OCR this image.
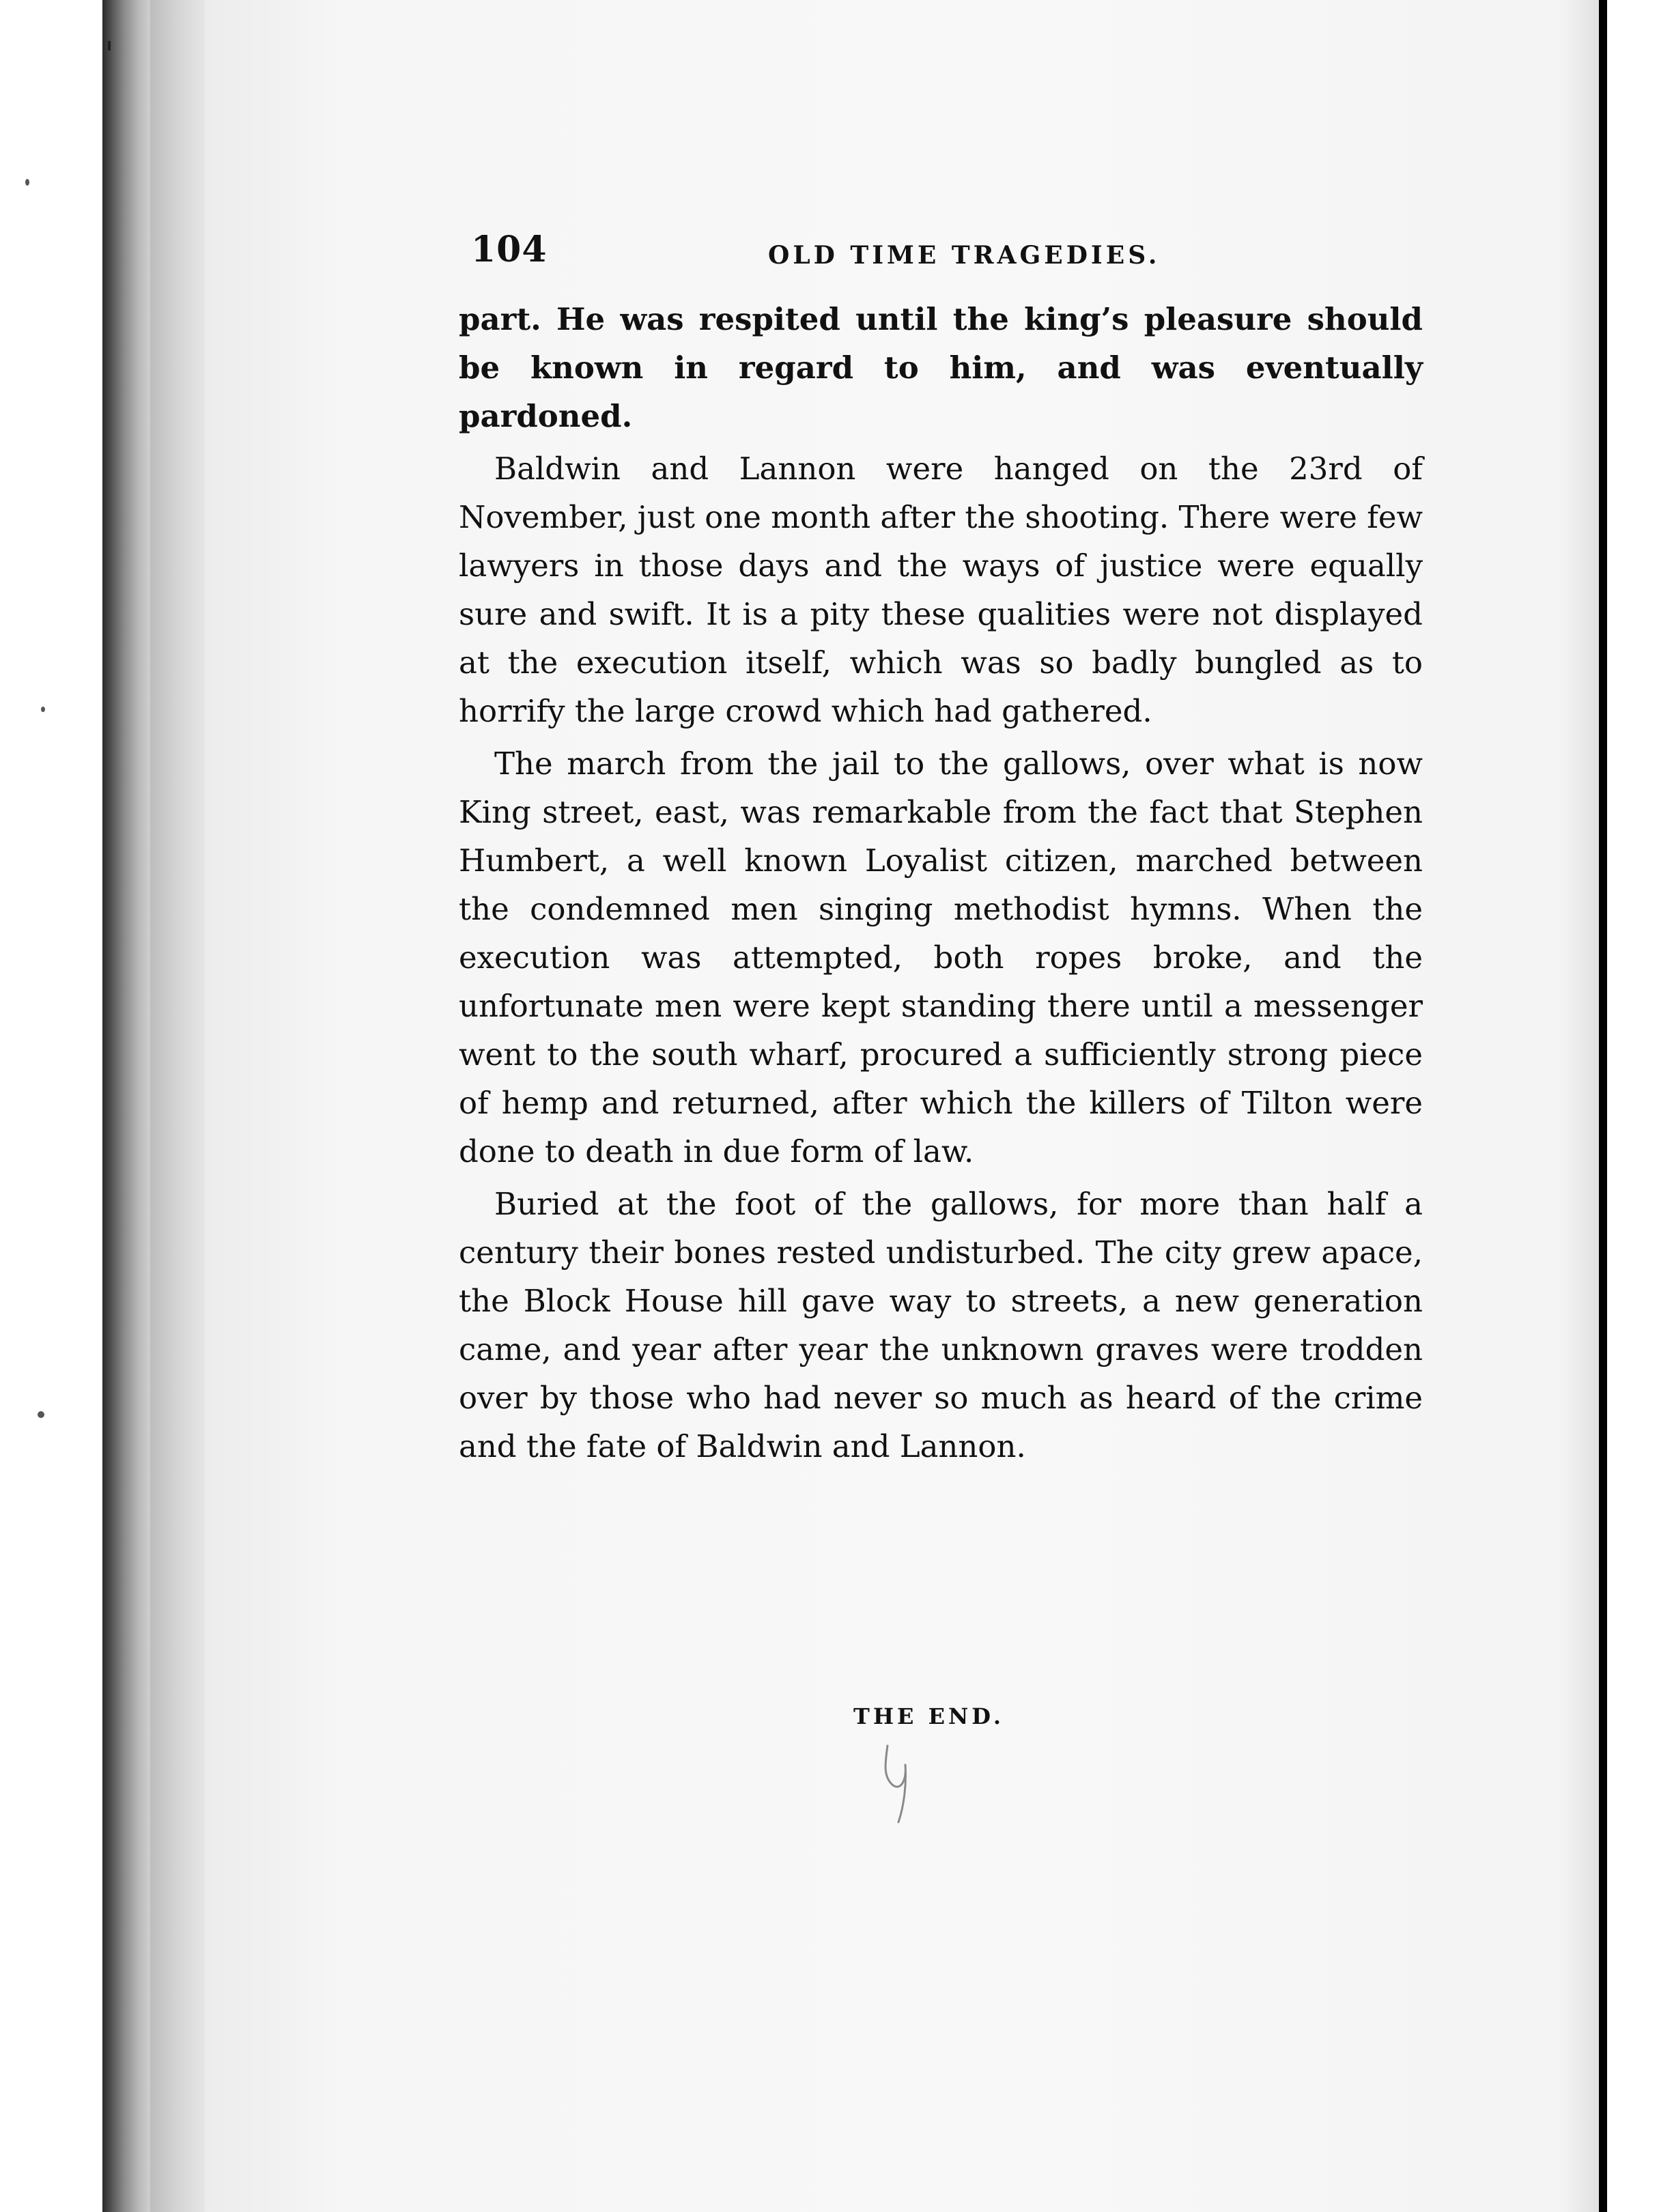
104	OLD TIME TRAGEDIES.

part. He was respited until the king’s pleasure should be known in regard to him, and was eventually pardoned.

Baldwin and Lannon were hanged on the 23rd of November, just one month after the shooting. There were few lawyers in those days and the ways of justice were equally sure and swift. It is a pity these qualities were not displayed at the execution itself, which was so badly bungled as to horrify the large crowd which had gathered.

The march from the jail to the gallows, over what is now King street, east, was remarkable from the fact that Stephen Humbert, a well known Loyalist citizen, marched between the condemned men singing methodist hymns. When the execution was attempted, both ropes broke, and the unfortunate men were kept standing there until a messenger went to the south wharf, procured a sufficiently strong piece of hemp and returned, after which the killers of Tilton were done to death in due form of law.

Buried at the foot of the gallows, for more than half a century their bones rested undisturbed. The city grew apace, the Block House hill gave way to streets, a new generation came, and year after year the unknown graves were trodden over by those who had never so much as heard of the crime and the fate of Baldwin and Lannon.

THE END.
